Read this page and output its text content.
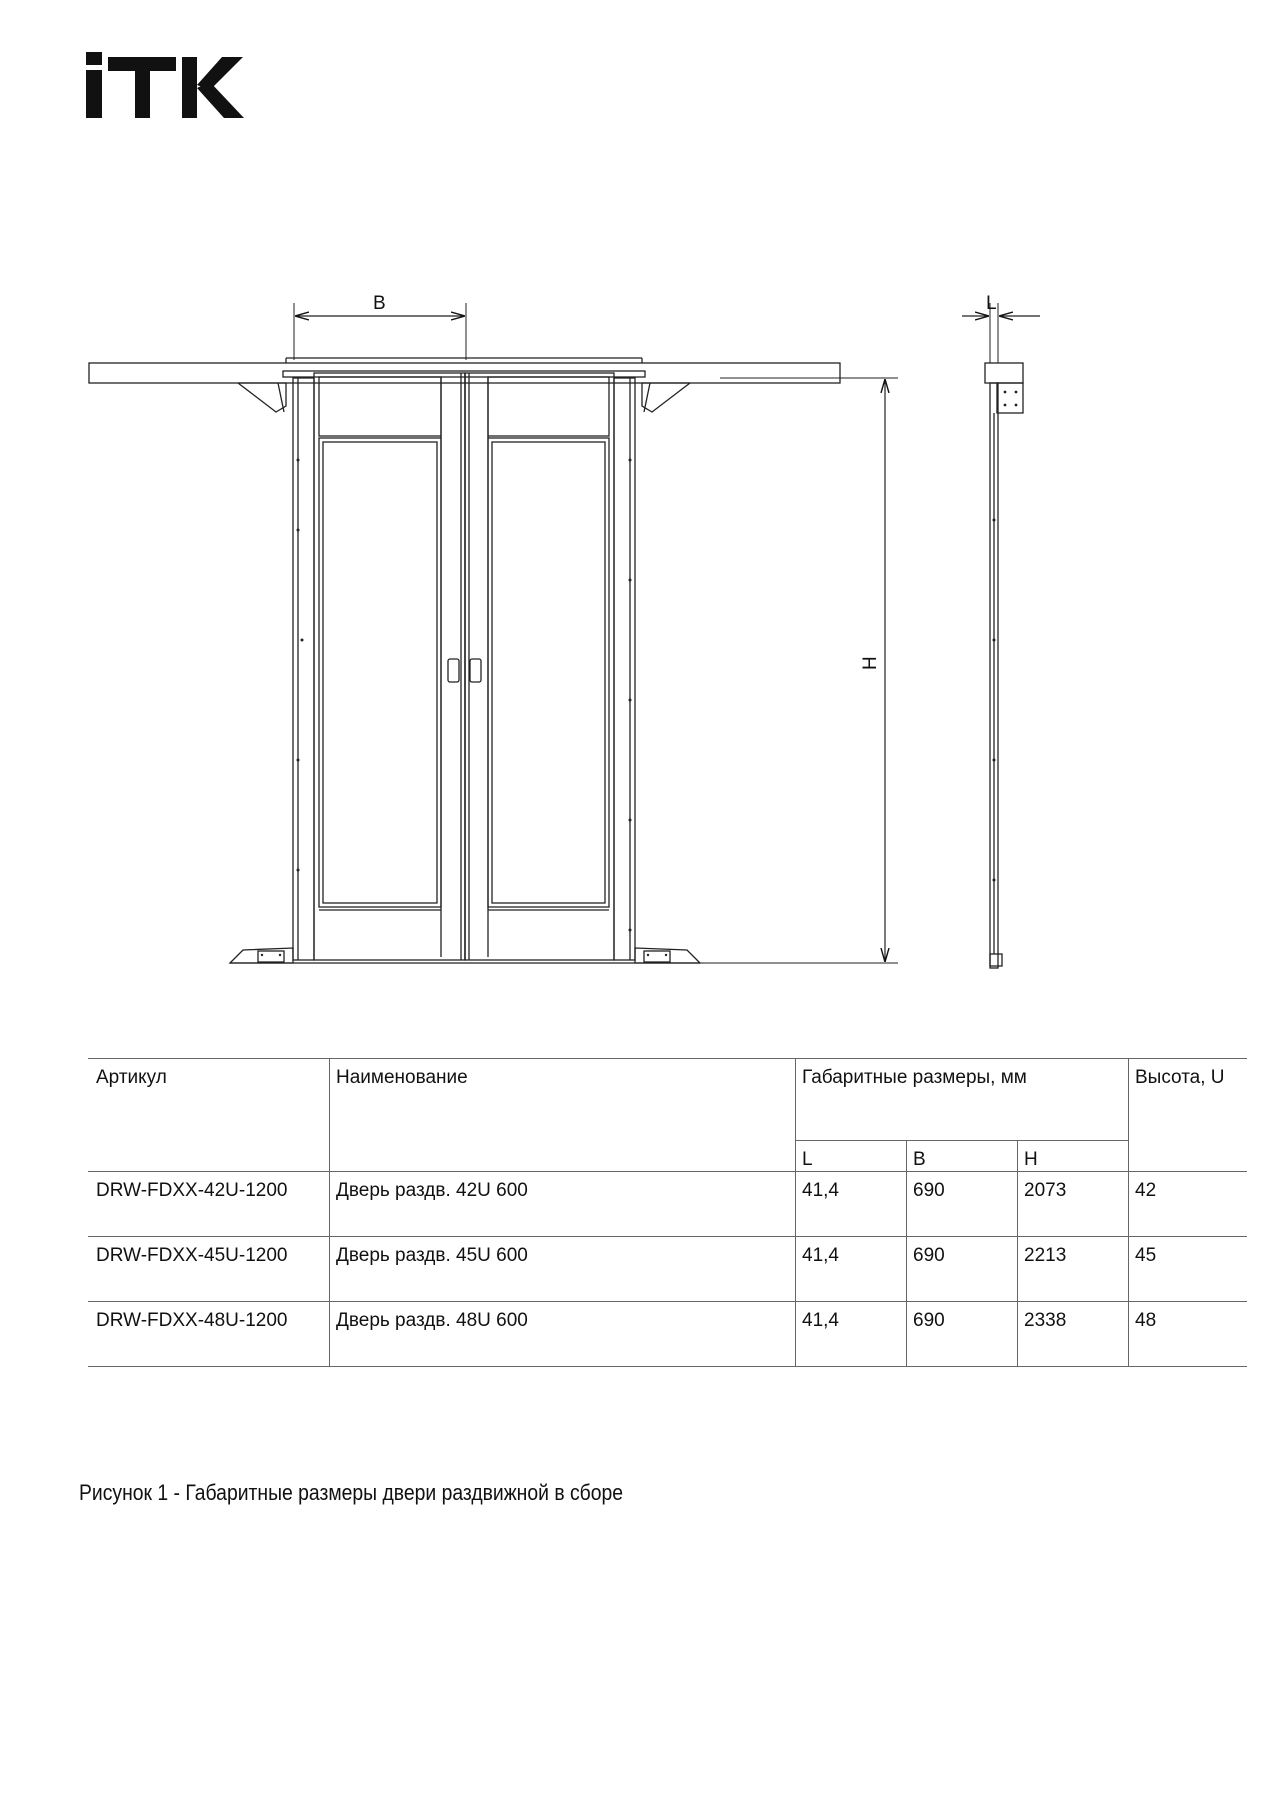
B
H
L
Артикул	Наименование	Габаритные размеры, мм			Высота, U
		L	B	H	
DRW-FDXX-42U-1200	Дверь раздв. 42U 600	41,4	690	2073	42
DRW-FDXX-45U-1200	Дверь раздв. 45U 600	41,4	690	2213	45
DRW-FDXX-48U-1200	Дверь раздв. 48U 600	41,4	690	2338	48
Рисунок 1 - Габаритные размеры двери раздвижной в сборе
